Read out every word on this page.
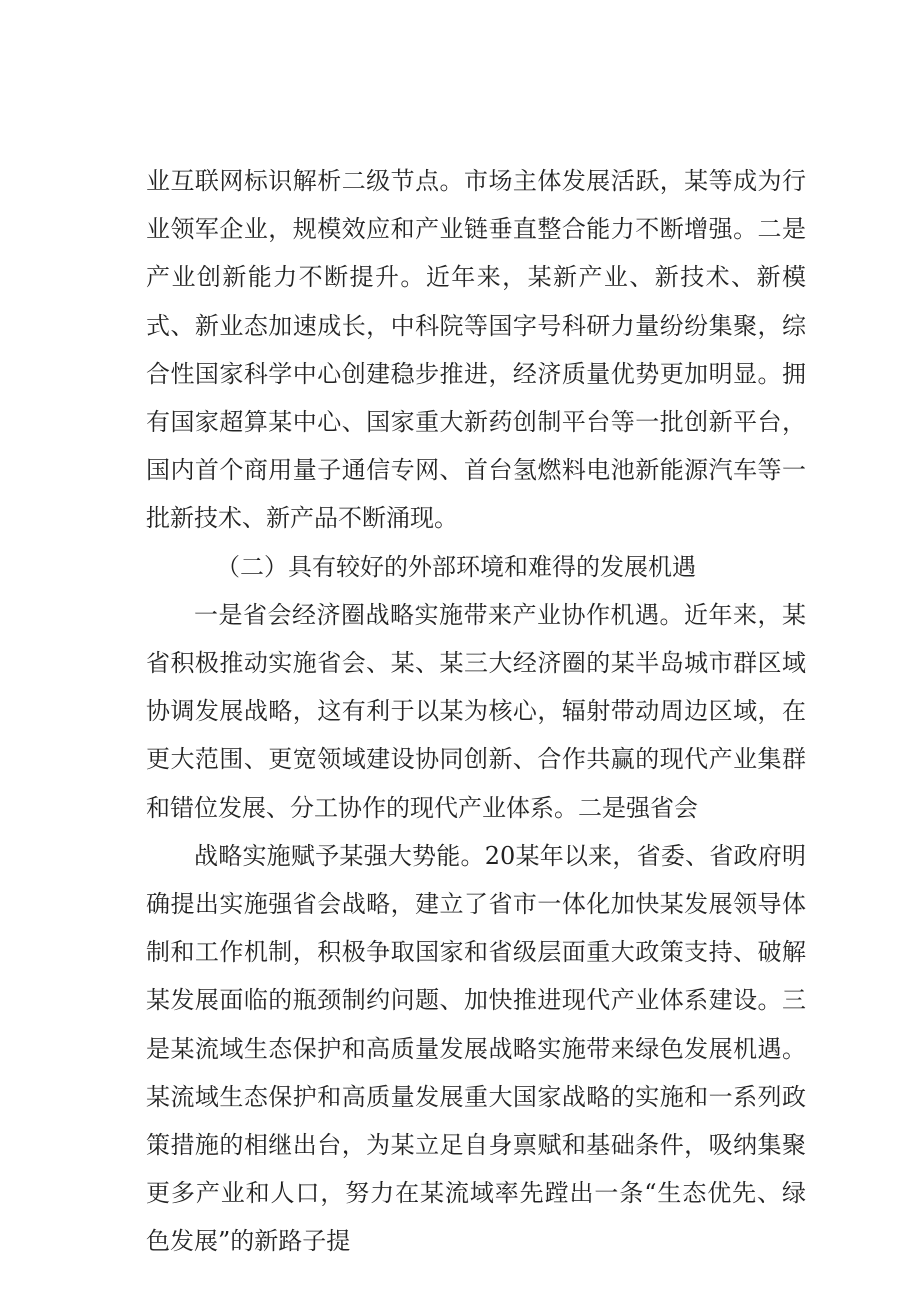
业互联网标识解析二级节点。市场主体发展活跃，某等成为行业领军企业，规模效应和产业链垂直整合能力不断增强。二是产业创新能力不断提升。近年来，某新产业、新技术、新模式、新业态加速成长，中科院等国字号科研力量纷纷集聚，综合性国家科学中心创建稳步推进，经济质量优势更加明显。拥有国家超算某中心、国家重大新药创制平台等一批创新平台，国内首个商用量子通信专网、首台氢燃料电池新能源汽车等一批新技术、新产品不断涌现。

（二）具有较好的外部环境和难得的发展机遇

一是省会经济圈战略实施带来产业协作机遇。近年来，某省积极推动实施省会、某、某三大经济圈的某半岛城市群区域协调发展战略，这有利于以某为核心，辐射带动周边区域，在更大范围、更宽领域建设协同创新、合作共赢的现代产业集群和错位发展、分工协作的现代产业体系。二是强省会

战略实施赋予某强大势能。20某年以来，省委、省政府明确提出实施强省会战略，建立了省市一体化加快某发展领导体制和工作机制，积极争取国家和省级层面重大政策支持、破解某发展面临的瓶颈制约问题、加快推进现代产业体系建设。三是某流域生态保护和高质量发展战略实施带来绿色发展机遇。某流域生态保护和高质量发展重大国家战略的实施和一系列政策措施的相继出台，为某立足自身禀赋和基础条件，吸纳集聚更多产业和人口，努力在某流域率先蹚出一条“生态优先、绿色发展”的新路子提
